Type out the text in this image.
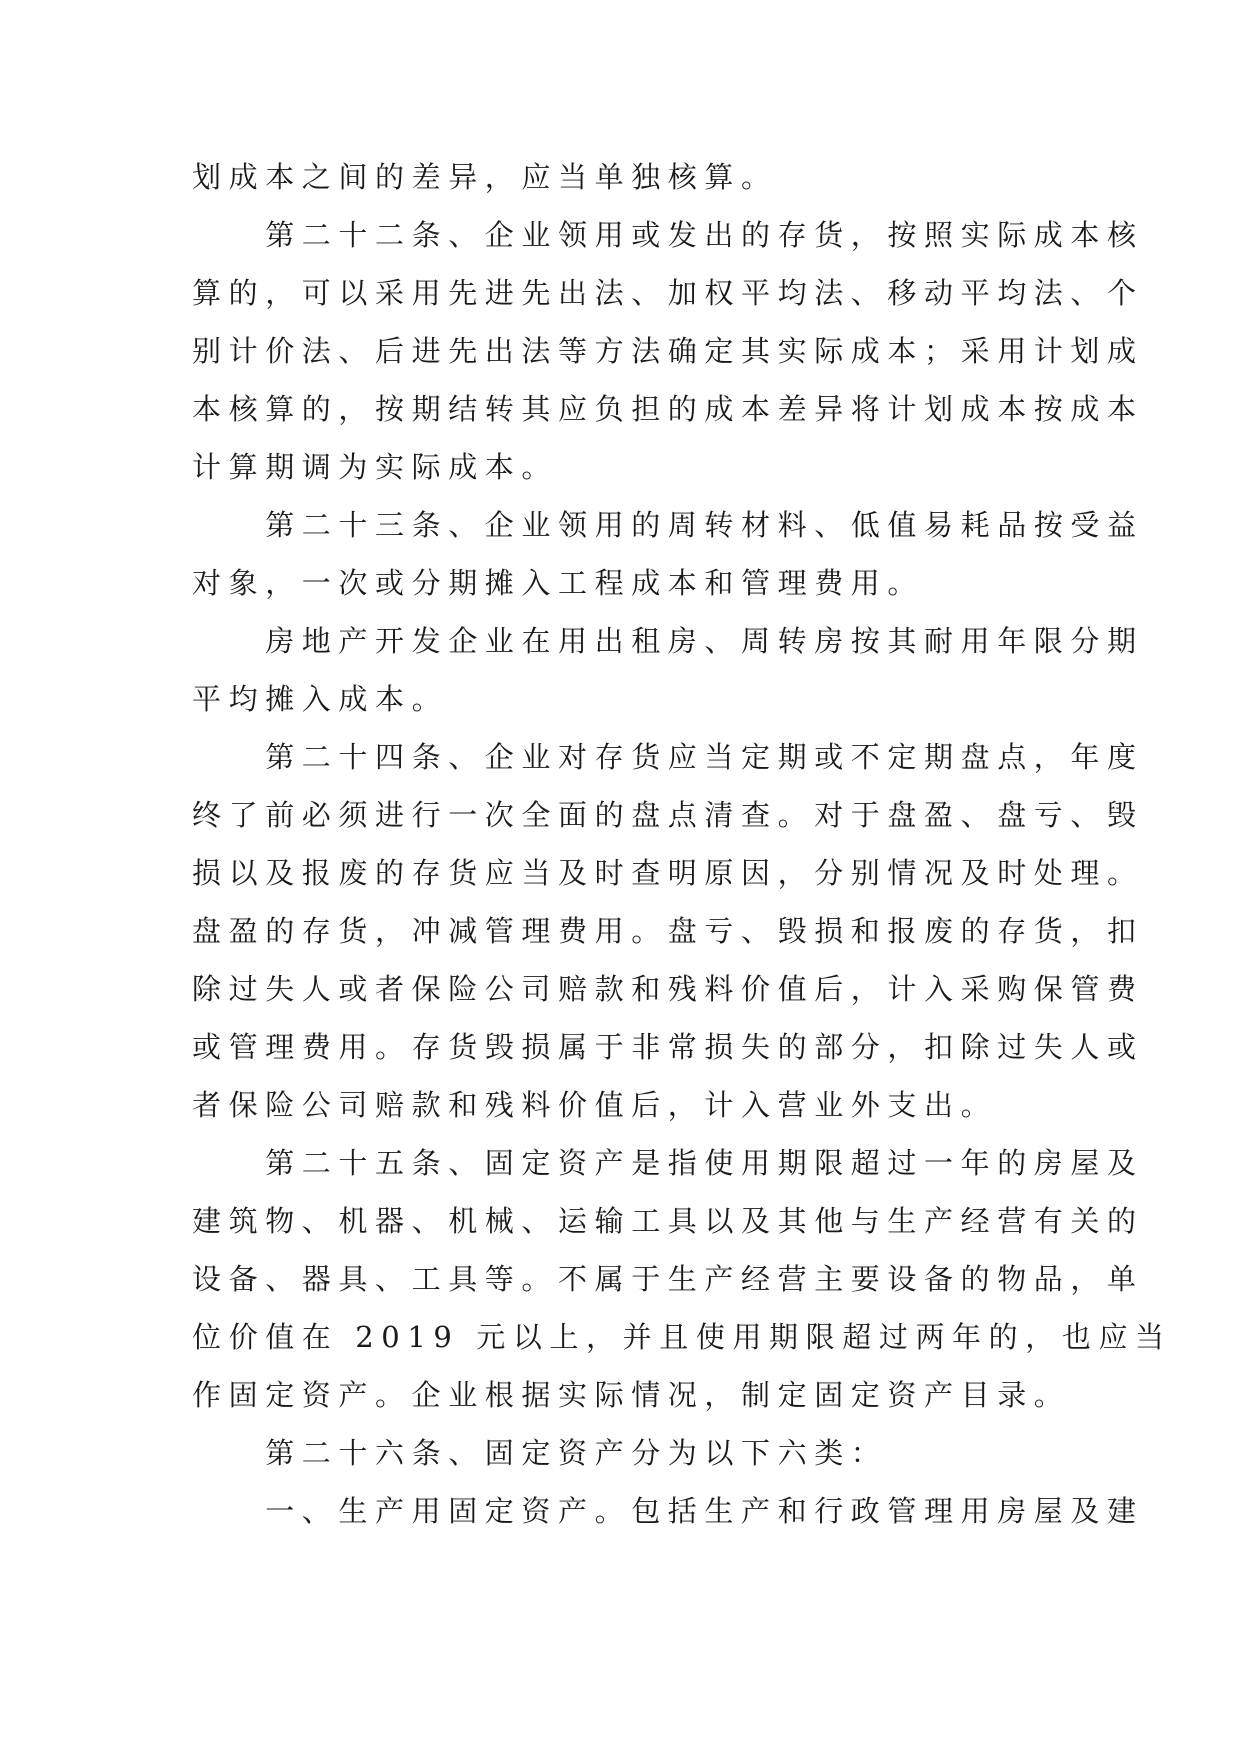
划成本之间的差异，应当单独核算。
　　第二十二条、企业领用或发出的存货，按照实际成本核
算的，可以采用先进先出法、加权平均法、移动平均法、个
别计价法、后进先出法等方法确定其实际成本；采用计划成
本核算的，按期结转其应负担的成本差异将计划成本按成本
计算期调为实际成本。
　　第二十三条、企业领用的周转材料、低值易耗品按受益
对象，一次或分期摊入工程成本和管理费用。
　　房地产开发企业在用出租房、周转房按其耐用年限分期
平均摊入成本。
　　第二十四条、企业对存货应当定期或不定期盘点，年度
终了前必须进行一次全面的盘点清查。对于盘盈、盘亏、毁
损以及报废的存货应当及时查明原因，分别情况及时处理。
盘盈的存货，冲减管理费用。盘亏、毁损和报废的存货，扣
除过失人或者保险公司赔款和残料价值后，计入采购保管费
或管理费用。存货毁损属于非常损失的部分，扣除过失人或
者保险公司赔款和残料价值后，计入营业外支出。
　　第二十五条、固定资产是指使用期限超过一年的房屋及
建筑物、机器、机械、运输工具以及其他与生产经营有关的
设备、器具、工具等。不属于生产经营主要设备的物品，单
位价值在 2019 元以上，并且使用期限超过两年的，也应当
作固定资产。企业根据实际情况，制定固定资产目录。
　　第二十六条、固定资产分为以下六类：
　　一、生产用固定资产。包括生产和行政管理用房屋及建
